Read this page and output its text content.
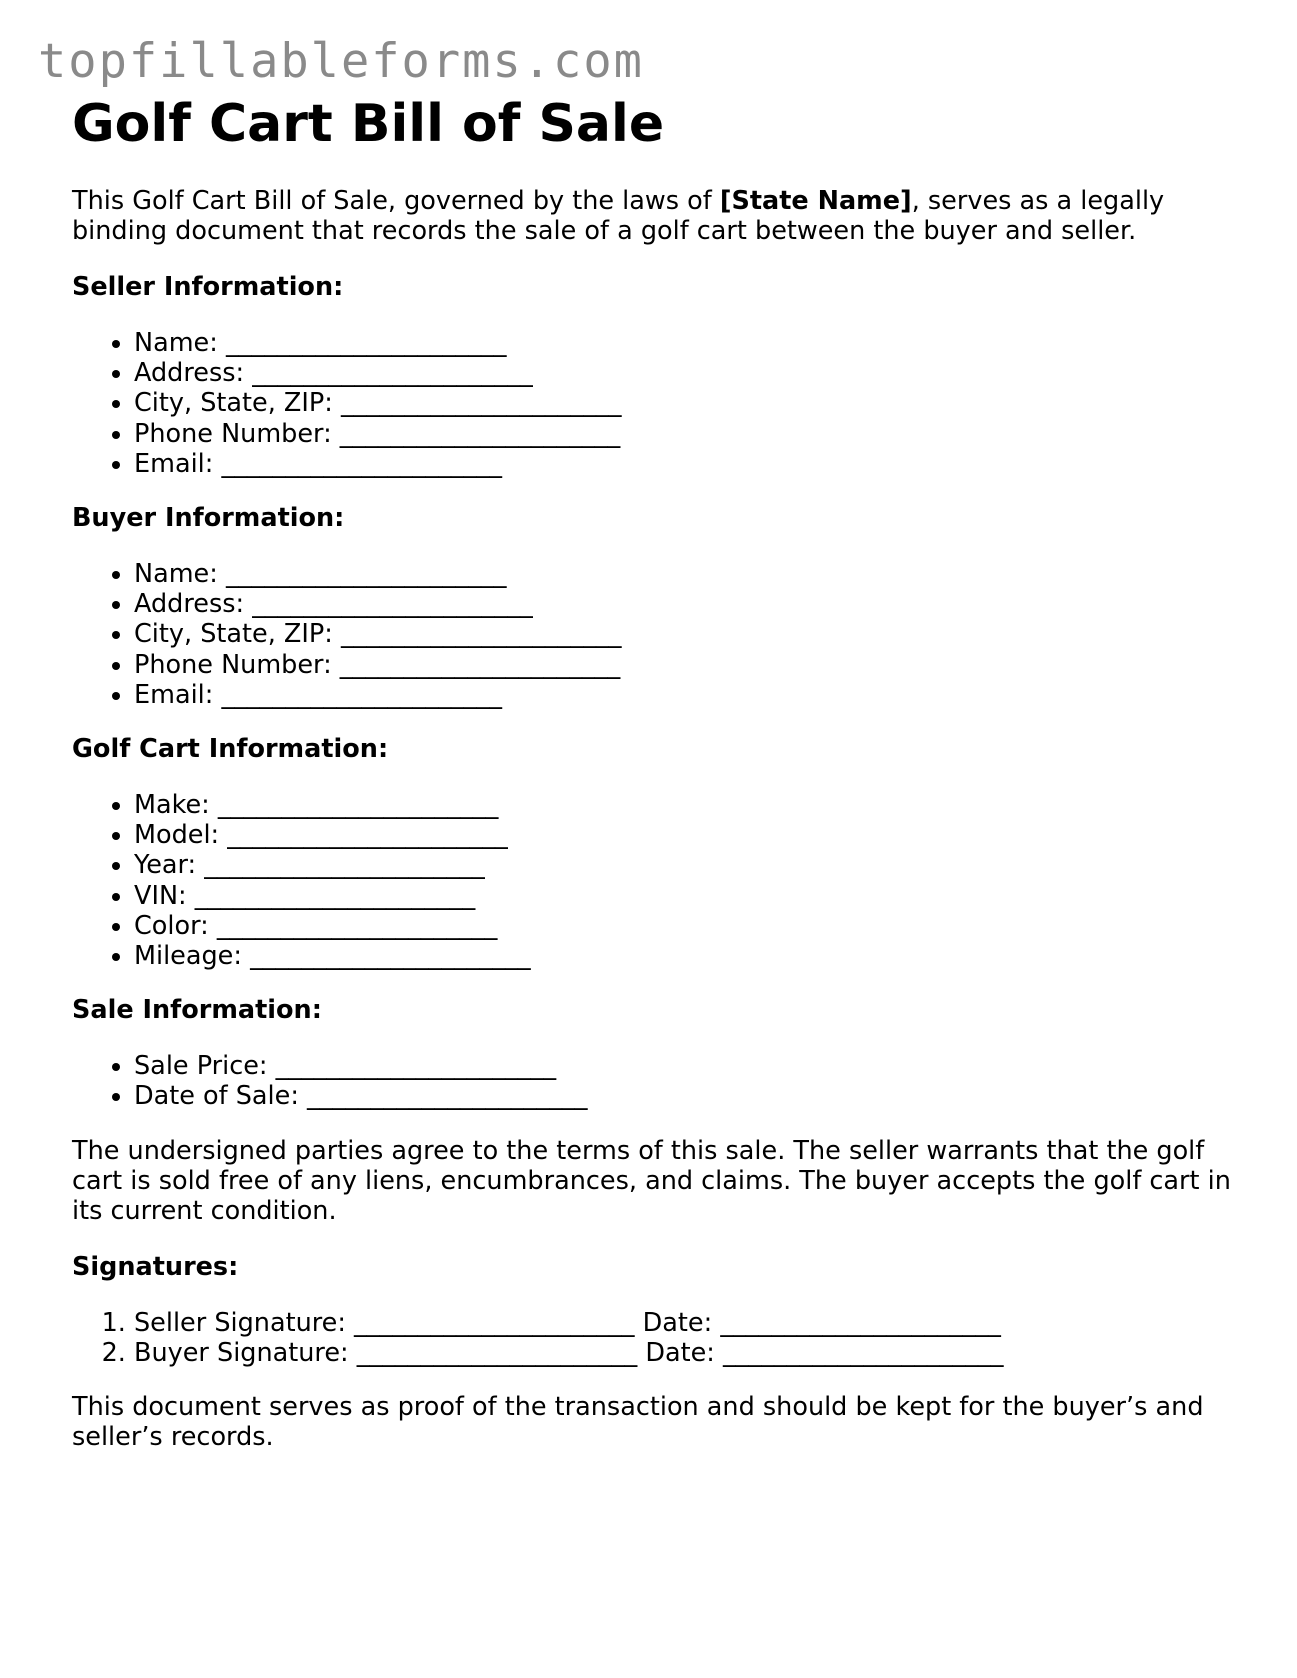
topfillableforms.com
Golf Cart Bill of Sale

This Golf Cart Bill of Sale, governed by the laws of [State Name], serves as a legally binding document that records the sale of a golf cart between the buyer and seller.

Seller Information:
• Name: ______________________
• Address: ______________________
• City, State, ZIP: ______________________
• Phone Number: ______________________
• Email: ______________________
Buyer Information:
• Name: ______________________
• Address: ______________________
• City, State, ZIP: ______________________
• Phone Number: ______________________
• Email: ______________________
Golf Cart Information:
• Make: ______________________
• Model: ______________________
• Year: ______________________
• VIN: ______________________
• Color: ______________________
• Mileage: ______________________
Sale Information:
• Sale Price: ______________________
• Date of Sale: ______________________

The undersigned parties agree to the terms of this sale. The seller warrants that the golf cart is sold free of any liens, encumbrances, and claims. The buyer accepts the golf cart in its current condition.

Signatures:
1. Seller Signature: ______________________ Date: ______________________
2. Buyer Signature: ______________________ Date: ______________________

This document serves as proof of the transaction and should be kept for the buyer’s and seller’s records.
